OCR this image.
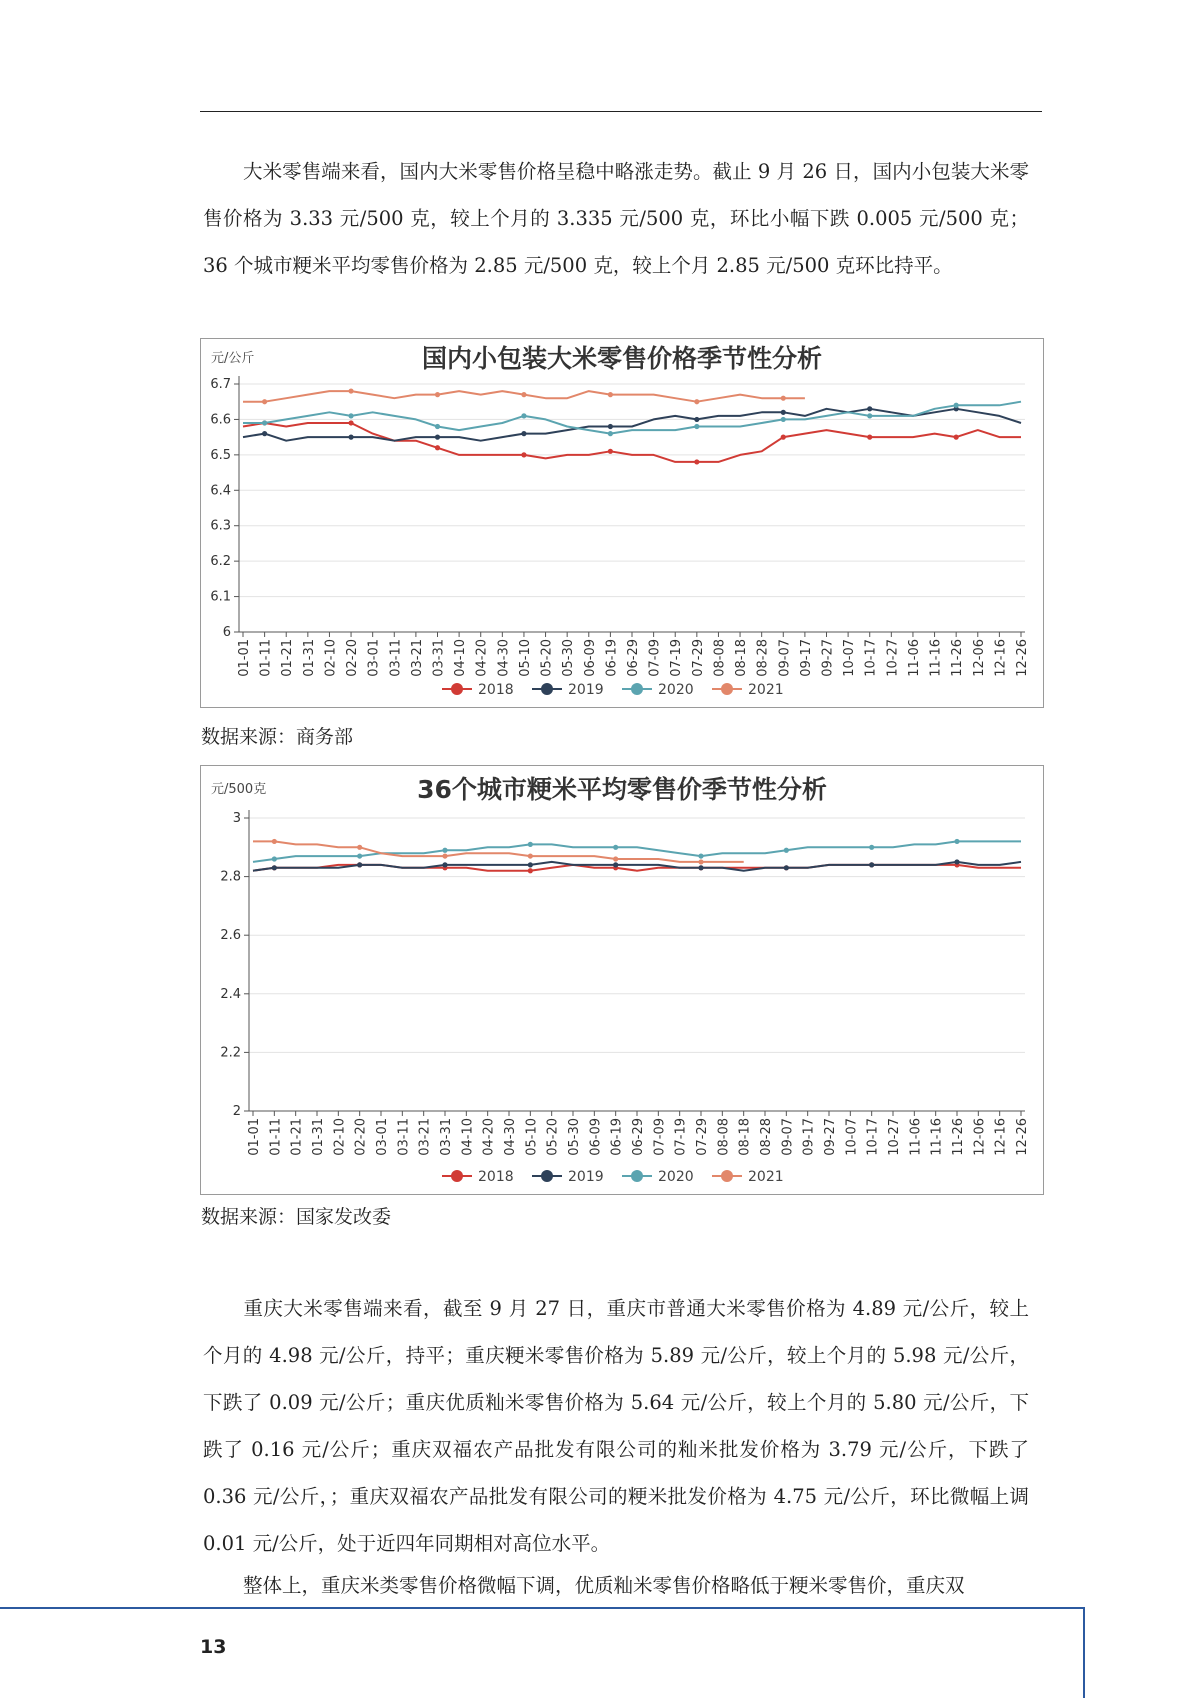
大米零售端来看，国内大米零售价格呈稳中略涨走势。截止 9 月 26 日，国内小包装大米零售价格为 3.33 元/500 克，较上个月的 3.335 元/500 克，环比小幅下跌 0.005 元/500 克；36 个城市粳米平均零售价格为 2.85 元/500 克，较上个月 2.85 元/500 克环比持平。

国内小包装大米零售价格季节性分析
元/公斤
6
6.1
6.2
6.3
6.4
6.5
6.6
6.7
01-01 01-11 01-21 01-31 02-10 02-20 03-01 03-11 03-21 03-31 04-10 04-20 04-30 05-10 05-20 05-30 06-09 06-19 06-29 07-09 07-19 07-29 08-08 08-18 08-28 09-07 09-17 09-27 10-07 10-17 10-27 11-06 11-16 11-26 12-06 12-16 12-26
2018	2019	2020	2021
数据来源：商务部
36个城市粳米平均零售价季节性分析
元/500克
2
2.2
2.4
2.6
2.8
3
01-01 01-11 01-21 01-31 02-10 02-20 03-01 03-11 03-21 03-31 04-10 04-20 04-30 05-10 05-20 05-30 06-09 06-19 06-29 07-09 07-19 07-29 08-08 08-18 08-28 09-07 09-17 09-27 10-07 10-17 10-27 11-06 11-16 11-26 12-06 12-16 12-26
2018	2019	2020	2021
数据来源：国家发改委

重庆大米零售端来看，截至 9 月 27 日，重庆市普通大米零售价格为 4.89 元/公斤，较上个月的 4.98 元/公斤，持平；重庆粳米零售价格为 5.89 元/公斤，较上个月的 5.98 元/公斤，下跌了 0.09 元/公斤；重庆优质籼米零售价格为 5.64 元/公斤，较上个月的 5.80 元/公斤，下跌了 0.16 元/公斤；重庆双福农产品批发有限公司的籼米批发价格为 3.79 元/公斤，下跌了 0.36 元/公斤，；重庆双福农产品批发有限公司的粳米批发价格为 4.75 元/公斤，环比微幅上调 0.01 元/公斤，处于近四年同期相对高位水平。

整体上，重庆米类零售价格微幅下调，优质籼米零售价格略低于粳米零售价，重庆双

13
